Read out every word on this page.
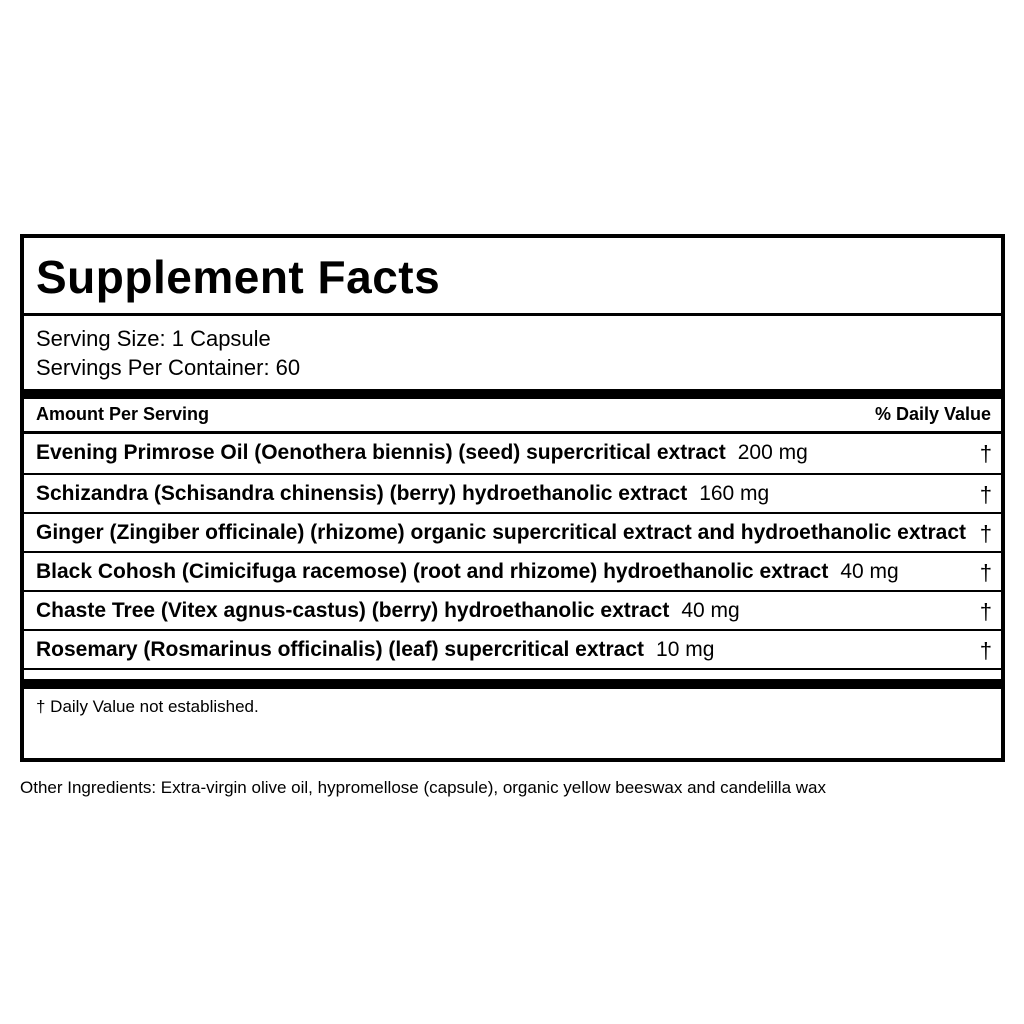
Supplement Facts
Serving Size: 1 Capsule
Servings Per Container: 60
Amount Per Serving	% Daily Value
Evening Primrose Oil (Oenothera biennis) (seed) supercritical extract 200 mg	†
Schizandra (Schisandra chinensis) (berry) hydroethanolic extract 160 mg	†
Ginger (Zingiber officinale) (rhizome) organic supercritical extract and hydroethanolic extract †
Black Cohosh (Cimicifuga racemose) (root and rhizome) hydroethanolic extract 40 mg	†
Chaste Tree (Vitex agnus-castus) (berry) hydroethanolic extract 40 mg	†
Rosemary (Rosmarinus officinalis) (leaf) supercritical extract 10 mg	†
† Daily Value not established.
Other Ingredients: Extra-virgin olive oil, hypromellose (capsule), organic yellow beeswax and candelilla wax
